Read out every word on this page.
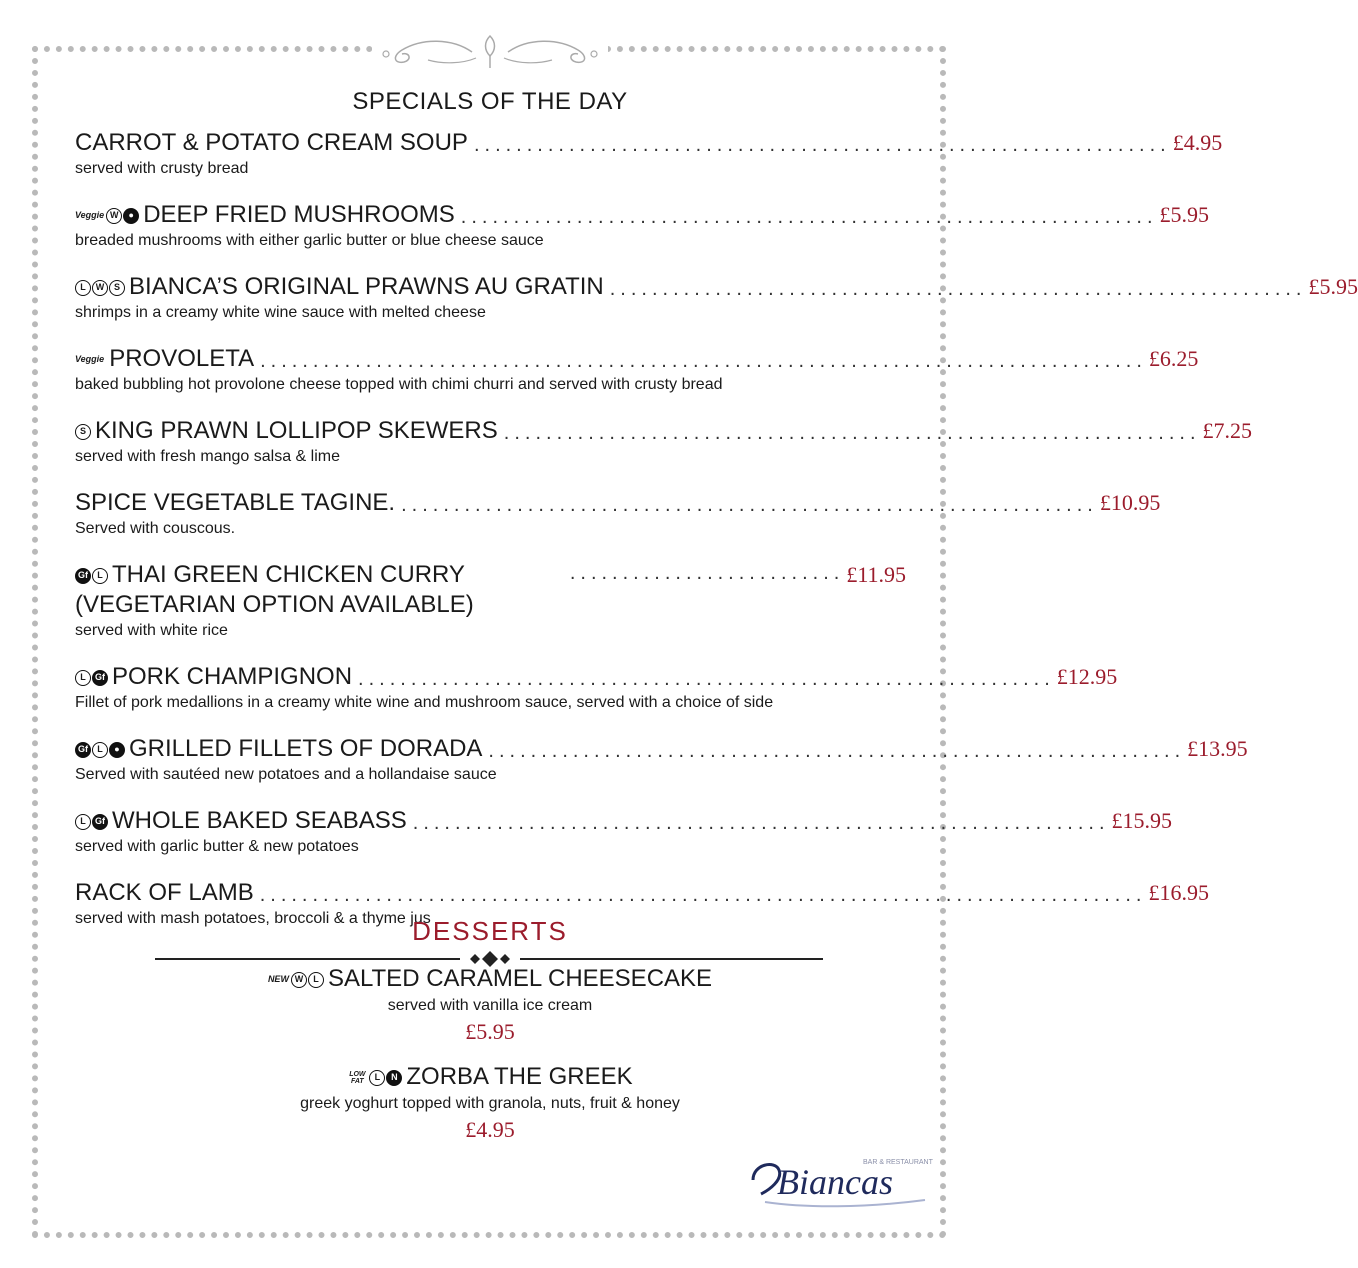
SPECIALS OF THE DAY
CARROT & POTATO CREAM SOUP .................................................................. £4.95
served with crusty bread
Veggie W	● DEEP FRIED MUSHROOMS .................................................................. £5.95
breaded mushrooms with either garlic butter or blue cheese sauce
L	W	S BIANCA’S ORIGINAL PRAWNS AU GRATIN .................................................................. £5.95
shrimps in a creamy white wine sauce with melted cheese
Veggie PROVOLETA .................................................................................... £6.25
baked bubbling hot provolone cheese topped with chimi churri and served with crusty bread
S KING PRAWN LOLLIPOP SKEWERS .................................................................. £7.25
served with fresh mango salsa & lime
SPICE VEGETABLE TAGINE. .................................................................. £10.95
Served with couscous.
Gf	L THAI GREEN CHICKEN CURRY (VEGETARIAN OPTION AVAILABLE)
.......................... £11.95
served with white rice
L	Gf PORK CHAMPIGNON .................................................................. £12.95
Fillet of pork medallions in a creamy white wine and mushroom sauce, served with a choice of side
Gf	L	● GRILLED FILLETS OF DORADA .................................................................. £13.95
Served with sautéed new potatoes and a hollandaise sauce
L	Gf WHOLE BAKED SEABASS .................................................................. £15.95
served with garlic butter & new potatoes
RACK OF LAMB .................................................................................... £16.95
served with mash potatoes, broccoli & a thyme jus
DESSERTS
NEW W	L SALTED CARAMEL CHEESECAKE
served with vanilla ice cream
£5.95
LOW FAT	L	N ZORBA THE GREEK
greek yoghurt topped with granola, nuts, fruit & honey
£4.95
Biancas
BAR & RESTAURANT
